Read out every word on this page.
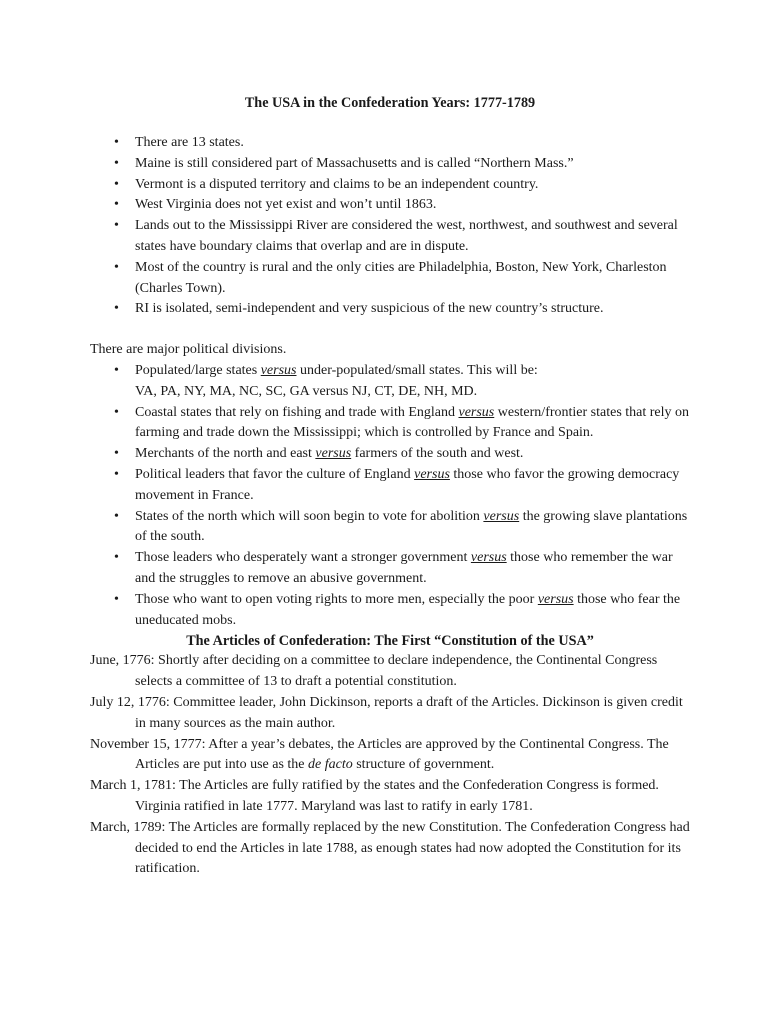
The USA in the Confederation Years: 1777-1789
• There are 13 states.
• Maine is still considered part of Massachusetts and is called “Northern Mass.”
• Vermont is a disputed territory and claims to be an independent country.
• West Virginia does not yet exist and won’t until 1863.
• Lands out to the Mississippi River are considered the west, northwest, and southwest and several states have boundary claims that overlap and are in dispute.
• Most of the country is rural and the only cities are Philadelphia, Boston, New York, Charleston (Charles Town).
• RI is isolated, semi-independent and very suspicious of the new country’s structure.

There are major political divisions.

• Populated/large states versus under-populated/small states. This will be:
VA, PA, NY, MA, NC, SC, GA versus NJ, CT, DE, NH, MD.
• Coastal states that rely on fishing and trade with England versus western/frontier states that rely on farming and trade down the Mississippi; which is controlled by France and Spain.
• Merchants of the north and east versus farmers of the south and west.
• Political leaders that favor the culture of England versus those who favor the growing democracy movement in France.
• States of the north which will soon begin to vote for abolition versus the growing slave plantations of the south.
• Those leaders who desperately want a stronger government versus those who remember the war and the struggles to remove an abusive government.
• Those who want to open voting rights to more men, especially the poor versus those who fear the uneducated mobs.
The Articles of Confederation: The First “Constitution of the USA”
June, 1776: Shortly after deciding on a committee to declare independence, the Continental Congress selects a committee of 13 to draft a potential constitution.
July 12, 1776: Committee leader, John Dickinson, reports a draft of the Articles. Dickinson is given credit in many sources as the main author.
November 15, 1777: After a year’s debates, the Articles are approved by the Continental Congress. The Articles are put into use as the de facto structure of government.
March 1, 1781: The Articles are fully ratified by the states and the Confederation Congress is formed. Virginia ratified in late 1777. Maryland was last to ratify in early 1781.
March, 1789: The Articles are formally replaced by the new Constitution. The Confederation Congress had decided to end the Articles in late 1788, as enough states had now adopted the Constitution for its ratification.
